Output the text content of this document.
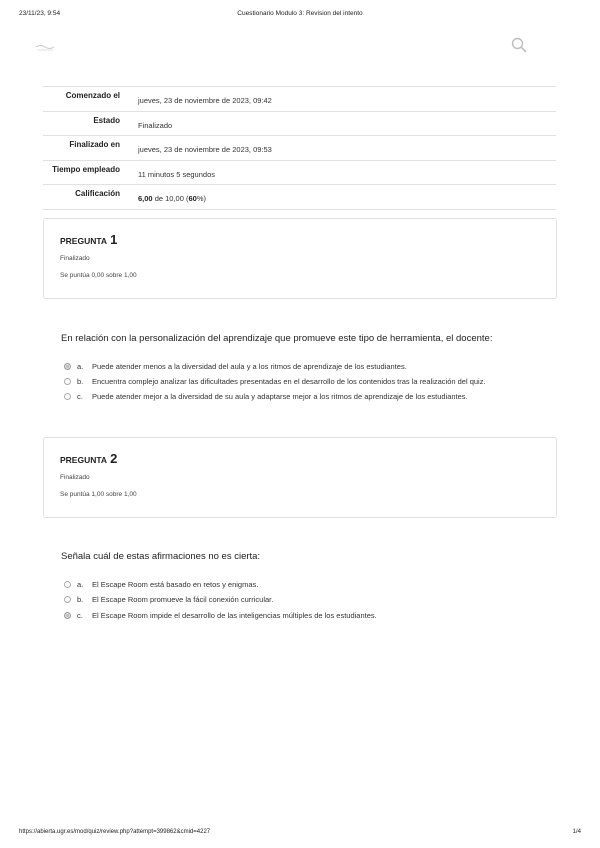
23/11/23, 9:54	Cuestionario Modulo 3: Revision del intento
Comenzado el
jueves, 23 de noviembre de 2023, 09:42
Estado
Finalizado
Finalizado en
jueves, 23 de noviembre de 2023, 09:53
Tiempo empleado
11 minutos 5 segundos
Calificación
6,00 de 10,00 (60%)
PREGUNTA 1
Finalizado
Se puntúa 0,00 sobre 1,00
En relación con la personalización del aprendizaje que promueve este tipo de herramienta, el docente:
a.	Puede atender menos a la diversidad del aula y a los ritmos de aprendizaje de los estudiantes.
b.	Encuentra complejo analizar las dificultades presentadas en el desarrollo de los contenidos tras la realización del quiz.
c.	Puede atender mejor a la diversidad de su aula y adaptarse mejor a los ritmos de aprendizaje de los estudiantes.
PREGUNTA 2
Finalizado
Se puntúa 1,00 sobre 1,00
Señala cuál de estas afirmaciones no es cierta:
a.	El Escape Room está basado en retos y enigmas.
b.	El Escape Room promueve la fácil conexión curricular.
c.	El Escape Room impide el desarrollo de las inteligencias múltiples de los estudiantes.
https://abierta.ugr.es/mod/quiz/review.php?attempt=399862&cmid=4227	1/4
